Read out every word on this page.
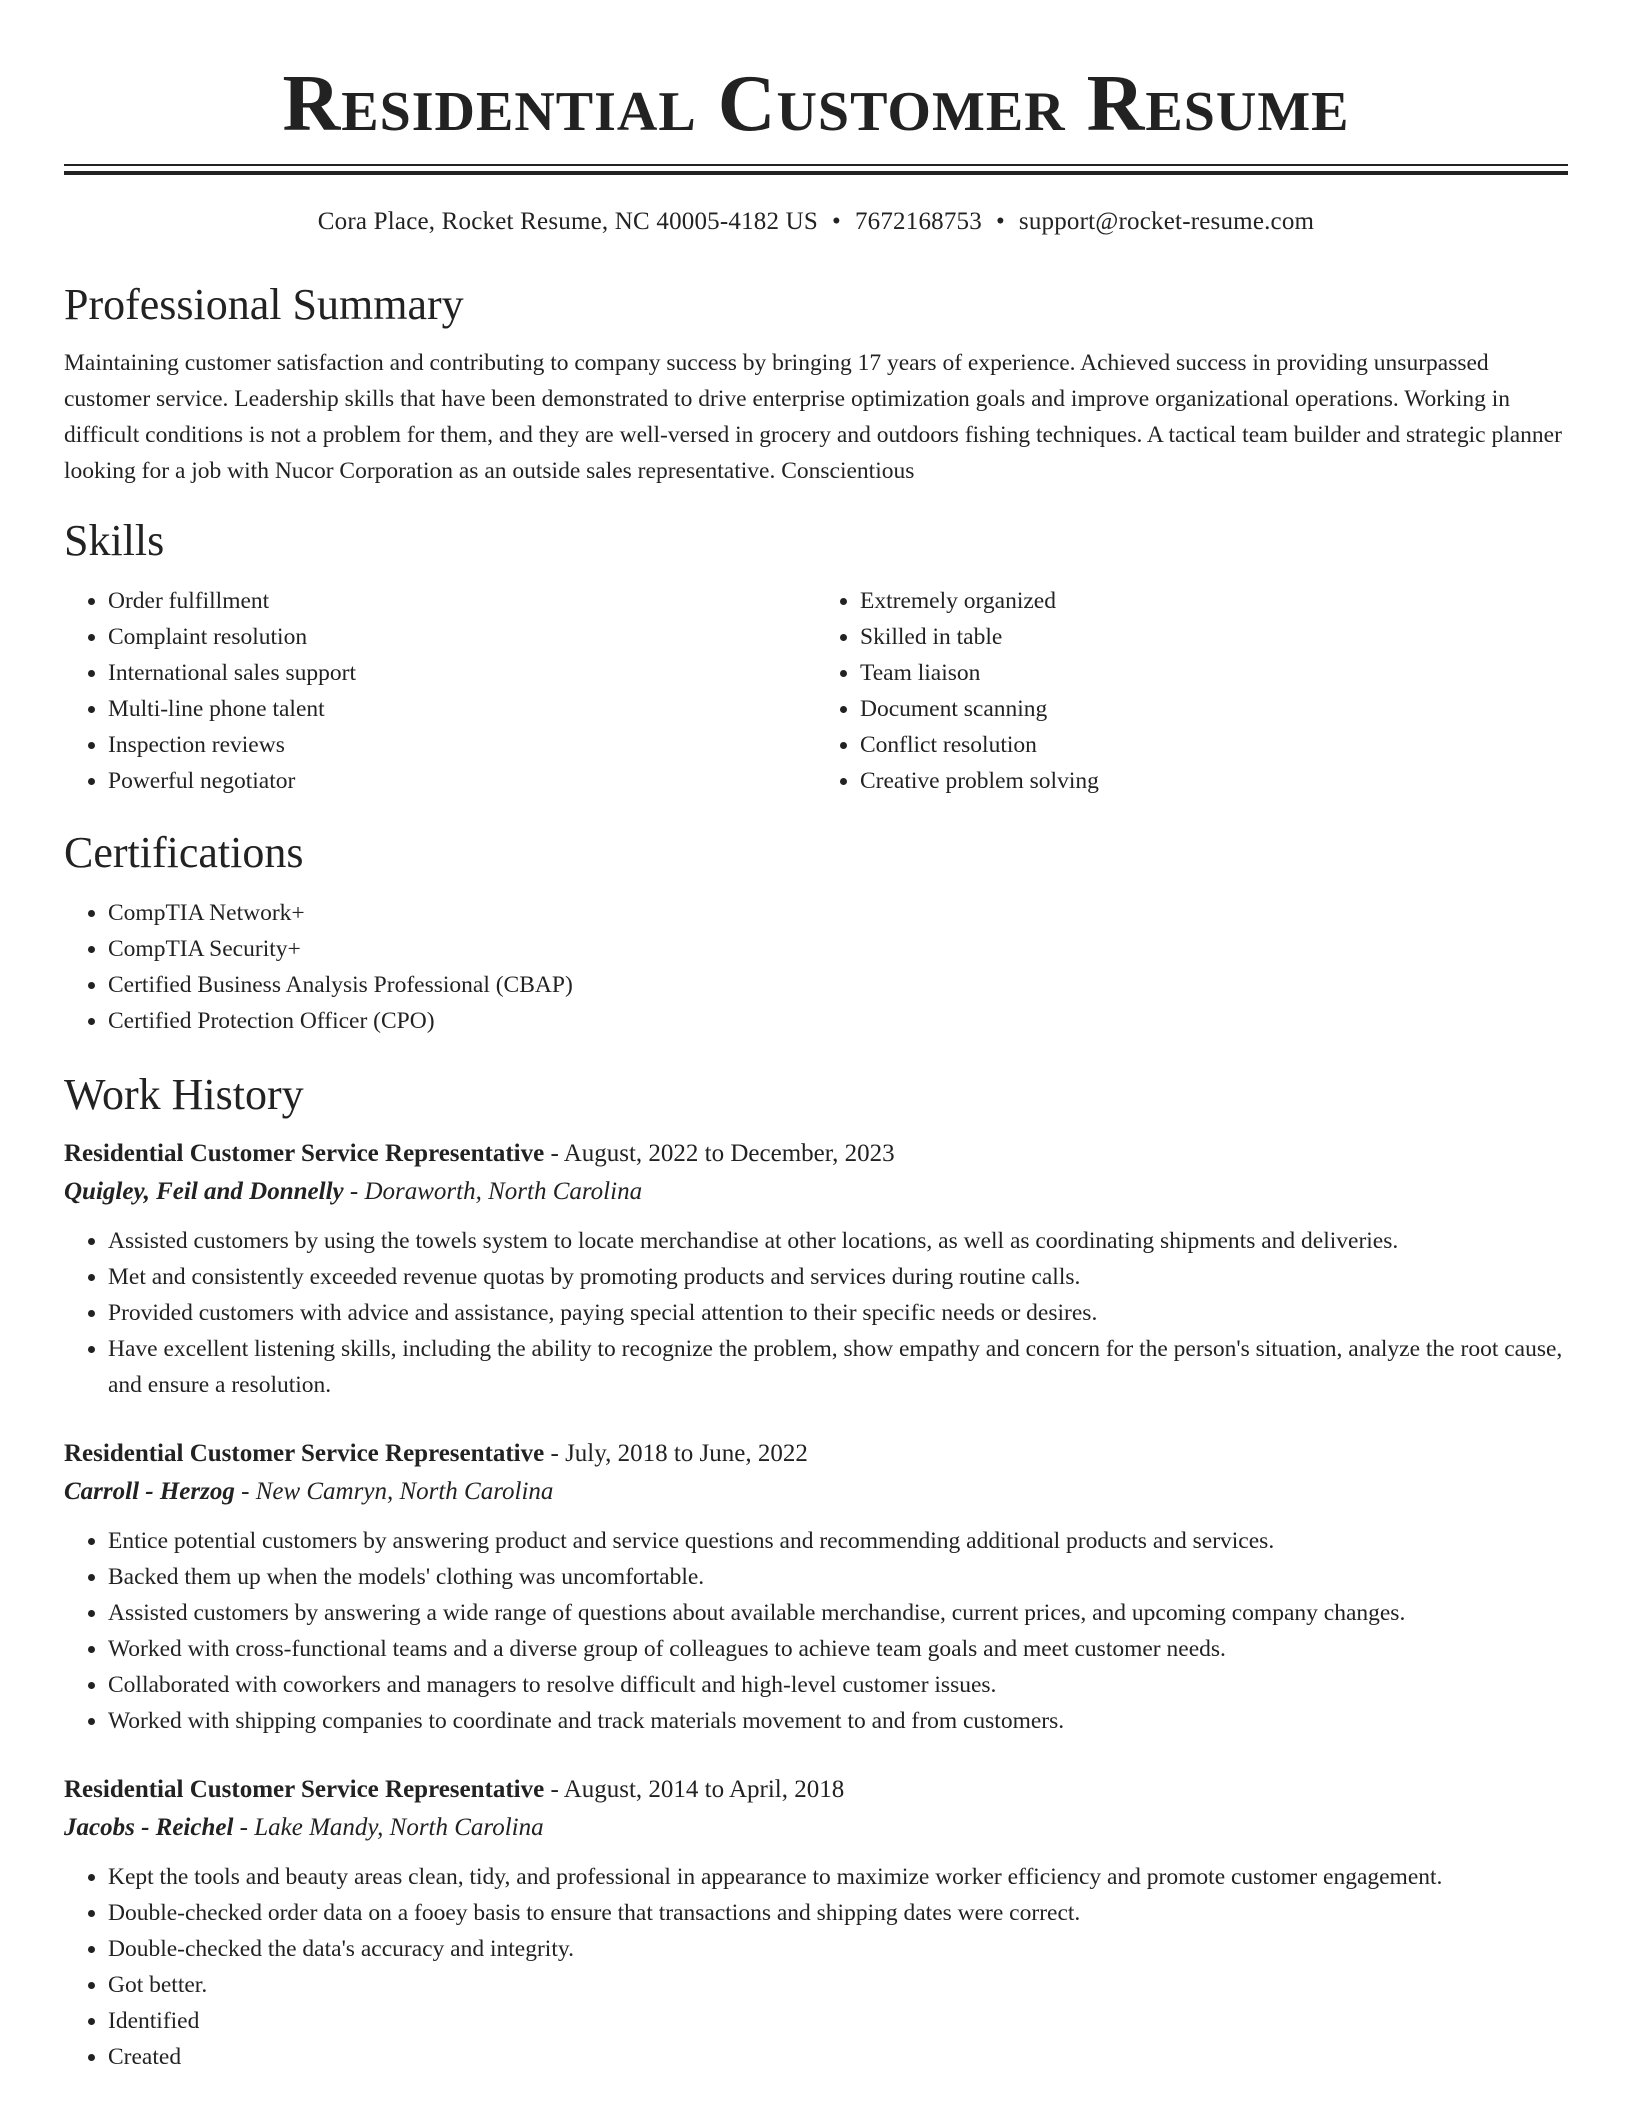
Residential Customer Resume
Cora Place, Rocket Resume, NC 40005-4182 US • 7672168753 • support@rocket-resume.com
Professional Summary
Maintaining customer satisfaction and contributing to company success by bringing 17 years of experience. Achieved success in providing unsurpassed customer service. Leadership skills that have been demonstrated to drive enterprise optimization goals and improve organizational operations. Working in difficult conditions is not a problem for them, and they are well-versed in grocery and outdoors fishing techniques. A tactical team builder and strategic planner looking for a job with Nucor Corporation as an outside sales representative. Conscientious
Skills
• Order fulfillment
• Complaint resolution
• International sales support
• Multi-line phone talent
• Inspection reviews
• Powerful negotiator
• Extremely organized
• Skilled in table
• Team liaison
• Document scanning
• Conflict resolution
• Creative problem solving
Certifications
• CompTIA Network+
• CompTIA Security+
• Certified Business Analysis Professional (CBAP)
• Certified Protection Officer (CPO)
Work History
Residential Customer Service Representative - August, 2022 to December, 2023
Quigley, Feil and Donnelly - Doraworth, North Carolina
• Assisted customers by using the towels system to locate merchandise at other locations, as well as coordinating shipments and deliveries.
• Met and consistently exceeded revenue quotas by promoting products and services during routine calls.
• Provided customers with advice and assistance, paying special attention to their specific needs or desires.
• Have excellent listening skills, including the ability to recognize the problem, show empathy and concern for the person's situation, analyze the root cause, and ensure a resolution.
Residential Customer Service Representative - July, 2018 to June, 2022
Carroll - Herzog - New Camryn, North Carolina
• Entice potential customers by answering product and service questions and recommending additional products and services.
• Backed them up when the models' clothing was uncomfortable.
• Assisted customers by answering a wide range of questions about available merchandise, current prices, and upcoming company changes.
• Worked with cross-functional teams and a diverse group of colleagues to achieve team goals and meet customer needs.
• Collaborated with coworkers and managers to resolve difficult and high-level customer issues.
• Worked with shipping companies to coordinate and track materials movement to and from customers.
Residential Customer Service Representative - August, 2014 to April, 2018
Jacobs - Reichel - Lake Mandy, North Carolina
• Kept the tools and beauty areas clean, tidy, and professional in appearance to maximize worker efficiency and promote customer engagement.
• Double-checked order data on a fooey basis to ensure that transactions and shipping dates were correct.
• Double-checked the data's accuracy and integrity.
• Got better.
• Identified
• Created
